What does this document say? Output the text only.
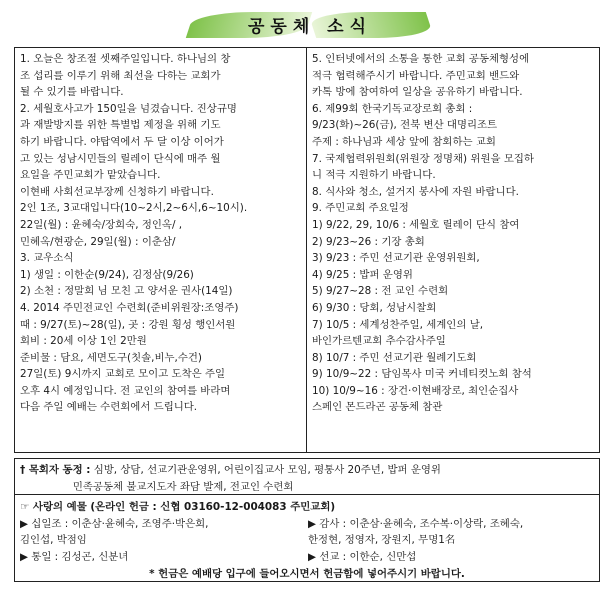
공동체 소식
1. 오늘은 창조절 셋째주일입니다. 하나님의 창
조 섭리를 이루기 위해 최선을 다하는 교회가
될 수 있기를 바랍니다.
2. 세월호사고가 150일을 넘겼습니다. 진상규명
과 재발방지를 위한 특별법 제정을 위해 기도
하기 바랍니다. 야탑역에서 두 달 이상 이어가
고 있는 성남시민들의 릴레이 단식에 매주 월
요일을 주민교회가 맡았습니다.
이현배 사회선교부장께 신청하기 바랍니다.
2인 1조, 3교대입니다(10~2시,2~6시,6~10시).
22일(월) : 윤혜숙/장희숙, 정인옥/ ,
민혜옥/현광순, 29일(월) : 이춘삼/
3. 교우소식
1) 생일 : 이한순(9/24), 김정삼(9/26)
2) 소천 : 정말희 님 모친 고 양서운 권사(14일)
4. 2014 주민전교인 수련회(준비위원장:조영주)
때 : 9/27(토)~28(일), 곳 : 강원 횡성 행인서원
회비 : 20세 이상 1인 2만원
준비물 : 담요, 세면도구(칫솔,비누,수건)
27일(토) 9시까지 교회로 모이고 도착은 주일
오후 4시 예정입니다. 전 교인의 참여를 바라며
다음 주일 예배는 수련회에서 드립니다.
5. 인터넷에서의 소통을 통한 교회 공동체형성에
적극 협력해주시기 바랍니다. 주민교회 밴드와
카톡 방에 참여하여 일상을 공유하기 바랍니다.
6. 제99회 한국기독교장로회 총회 :
9/23(화)~26(금), 전북 변산 대명리조트
주제 : 하나님과 세상 앞에 참회하는 교회
7. 국제협력위원회(위원장 정명채) 위원을 모집하
니 적극 지원하기 바랍니다.
8. 식사와 청소, 설거지 봉사에 자원 바랍니다.
9. 주민교회 주요일정
1) 9/22, 29, 10/6 : 세월호 릴레이 단식 참여
2) 9/23~26 : 기장 총회
3) 9/23 : 주민 선교기관 운영위원회,
4) 9/25 : 밥퍼 운영위
5) 9/27~28 : 전 교인 수련회
6) 9/30 : 당회, 성남시찰회
7) 10/5 : 세계성찬주일, 세계인의 날,
바인가르텐교회 추수감사주일
8) 10/7 : 주민 선교기관 월례기도회
9) 10/9~22 : 담임목사 미국 커네티컷노회 참석
10) 10/9~16 : 장건·이현배장로, 최인순집사
스페인 몬드라곤 공동체 참관
† 목회자 동정 : 심방, 상담, 선교기관운영위, 어린이집교사 모임, 평통사 20주년, 밥퍼 운영위
민족공동체 불교지도자 좌담 발제, 전교인 수련회
☞ 사랑의 예물 (온라인 헌금 : 신협 03160-12-004083 주민교회)
▶ 십일조 : 이춘삼·윤혜숙, 조영주·박은희,	▶ 감사 : 이춘삼·윤혜숙, 조수복·이상락, 조혜숙,
김인섭, 박점임	한정현, 정영자, 장원지, 무명1名
▶ 통일 : 김성곤, 신분녀	▶ 선교 : 이한순, 신만섭
* 헌금은 예배당 입구에 들어오시면서 헌금함에 넣어주시기 바랍니다.
